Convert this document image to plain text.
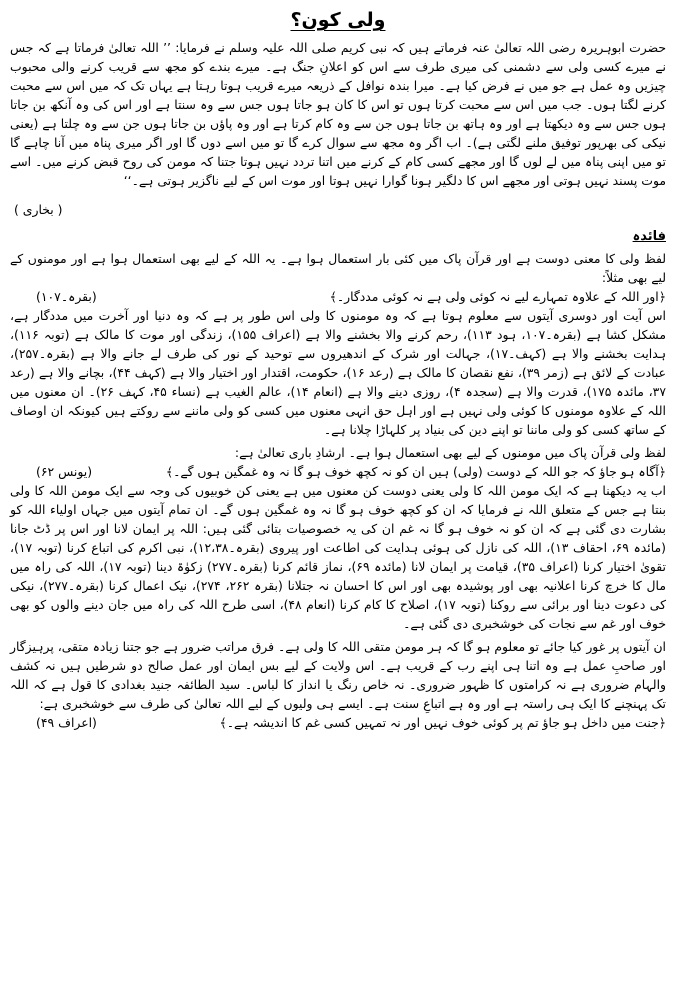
ولی کون؟

حضرت ابوہریرہ رضی اللہ تعالیٰ عنہ فرماتے ہیں کہ نبی کریم صلی اللہ علیہ وسلم نے فرمایا: ’’ اللہ تعالیٰ فرماتا ہے کہ جس نے میرے کسی ولی سے دشمنی کی میری طرف سے اس کو اعلانِ جنگ ہے۔ میرے بندے کو مجھ سے قریب کرنے والی محبوب چیزیں وہ عمل ہے جو میں نے فرض کیا ہے۔ میرا بندہ نوافل کے ذریعہ میرے قریب ہوتا رہتا ہے یہاں تک کہ میں اس سے محبت کرنے لگتا ہوں۔ جب میں اس سے محبت کرتا ہوں تو اس کا کان ہو جاتا ہوں جس سے وہ سنتا ہے اور اس کی وہ آنکھ بن جاتا ہوں جس سے وہ دیکھتا ہے اور وہ ہاتھ بن جاتا ہوں جن سے وہ کام کرتا ہے اور وہ پاؤں بن جاتا ہوں جن سے وہ چلتا ہے (یعنی نیکی کی بھرپور توفیق ملنے لگتی ہے)۔ اب اگر وہ مجھ سے سوال کرے گا تو میں اسے دوں گا اور اگر میری پناہ میں آنا چاہے گا تو میں اپنی پناہ میں لے لوں گا اور مجھے کسی کام کے کرنے میں اتنا تردد نہیں ہوتا جتنا کہ مومن کی روح قبض کرنے میں۔ اسے موت پسند نہیں ہوتی اور مجھے اس کا دلگیر ہونا گوارا نہیں ہوتا اور موت اس کے لیے ناگزیر ہوتی ہے۔‘‘

( بخاری )
فائدہ

لفظ ولی کا معنی دوست ہے اور قرآن پاک میں کئی بار استعمال ہوا ہے۔ یہ اللہ کے لیے بھی استعمال ہوا ہے اور مومنوں کے لیے بھی مثلاً:

﴿اور اللہ کے علاوہ تمہارے لیے نہ کوئی ولی ہے نہ کوئی مددگار۔﴾
(بقرہ۔۱۰۷)

اس آیت اور دوسری آیتوں سے معلوم ہوتا ہے کہ وہ مومنوں کا ولی اس طور پر ہے کہ وہ دنیا اور آخرت میں مددگار ہے، مشکل کشا ہے (بقرہ۔۱۰۷، ہود ۱۱۳)، رحم کرنے والا بخشنے والا ہے (اعراف ۱۵۵)، زندگی اور موت کا مالک ہے (توبہ ۱۱۶)، ہدایت بخشنے والا ہے (کہف۔۱۷)، جہالت اور شرک کے اندھیروں سے توحید کے نور کی طرف لے جانے والا ہے (بقرہ۔۲۵۷)، عبادت کے لائق ہے (زمر ۳۹)، نفع نقصان کا مالک ہے (رعد ۱۶)، حکومت، اقتدار اور اختیار والا ہے (کہف ۴۴)، بچانے والا ہے (رعد ۳۷، مائدہ ۱۷۵)، قدرت والا ہے (سجدہ ۴)، روزی دینے والا ہے (انعام ۱۴)، عالم الغیب ہے (نساء ۴۵، کہف ۲۶)۔ ان معنوں میں اللہ کے علاوہ مومنوں کا کوئی ولی نہیں ہے اور اہل حق انہی معنوں میں کسی کو ولی ماننے سے روکتے ہیں کیونکہ ان اوصاف کے ساتھ کسی کو ولی ماننا تو اپنے دین کی بنیاد پر کلہاڑا چلانا ہے۔

لفظ ولی قرآن پاک میں مومنوں کے لیے بھی استعمال ہوا ہے۔ ارشادِ باری تعالیٰ ہے:

﴿آگاہ ہو جاؤ کہ جو اللہ کے دوست (ولی) ہیں ان کو نہ کچھ خوف ہو گا نہ وہ غمگین ہوں گے۔﴾
(یونس ۶۲)

اب یہ دیکھنا ہے کہ ایک مومن اللہ کا ولی یعنی دوست کن معنوں میں ہے یعنی کن خوبیوں کی وجہ سے ایک مومن اللہ کا ولی بنتا ہے جس کے متعلق اللہ نے فرمایا کہ ان کو کچھ خوف ہو گا نہ وہ غمگین ہوں گے۔ ان تمام آیتوں میں جہاں اولیاء اللہ کو بشارت دی گئی ہے کہ ان کو نہ خوف ہو گا نہ غم ان کی یہ خصوصیات بتائی گئی ہیں: اللہ پر ایمان لانا اور اس پر ڈٹ جانا (مائدہ ۶۹، احقاف ۱۳)، اللہ کی نازل کی ہوئی ہدایت کی اطاعت اور پیروی (بقرہ۔۱۲،۳۸)، نبی اکرم کی اتباع کرنا (توبہ ۱۷)، تقویٰ اختیار کرنا (اعراف ۳۵)، قیامت پر ایمان لانا (مائدہ ۶۹)، نماز قائم کرنا (بقرہ۔۲۷۷) زکوٰۃ دینا (توبہ ۱۷)، اللہ کی راہ میں مال کا خرچ کرنا اعلانیہ بھی اور پوشیدہ بھی اور اس کا احسان نہ جتلانا (بقرہ ۲۶۲، ۲۷۴)، نیک اعمال کرنا (بقرہ۔۲۷۷)، نیکی کی دعوت دینا اور برائی سے روکنا (توبہ ۱۷)، اصلاح کا کام کرنا (انعام ۴۸)، اسی طرح اللہ کی راہ میں جان دینے والوں کو بھی خوف اور غم سے نجات کی خوشخبری دی گئی ہے۔

ان آیتوں پر غور کیا جائے تو معلوم ہو گا کہ ہر مومن متقی اللہ کا ولی ہے۔ فرق مراتب ضرور ہے جو جتنا زیادہ متقی، پرہیزگار اور صاحبِ عمل ہے وہ اتنا ہی اپنے رب کے قریب ہے۔ اس ولایت کے لیے بس ایمان اور عمل صالح دو شرطیں ہیں نہ کشف والہام ضروری ہے نہ کرامتوں کا ظہور ضروری۔ نہ خاص رنگ یا انداز کا لباس۔ سید الطائفہ جنید بغدادی کا قول ہے کہ اللہ تک پہنچنے کا ایک ہی راستہ ہے اور وہ ہے اتباعِ سنت ہے۔ ایسے ہی ولیوں کے لیے اللہ تعالیٰ کی طرف سے خوشخبری ہے:

﴿جنت میں داخل ہو جاؤ تم پر کوئی خوف نہیں اور نہ تمہیں کسی غم کا اندیشہ ہے۔﴾
(اعراف ۴۹)
